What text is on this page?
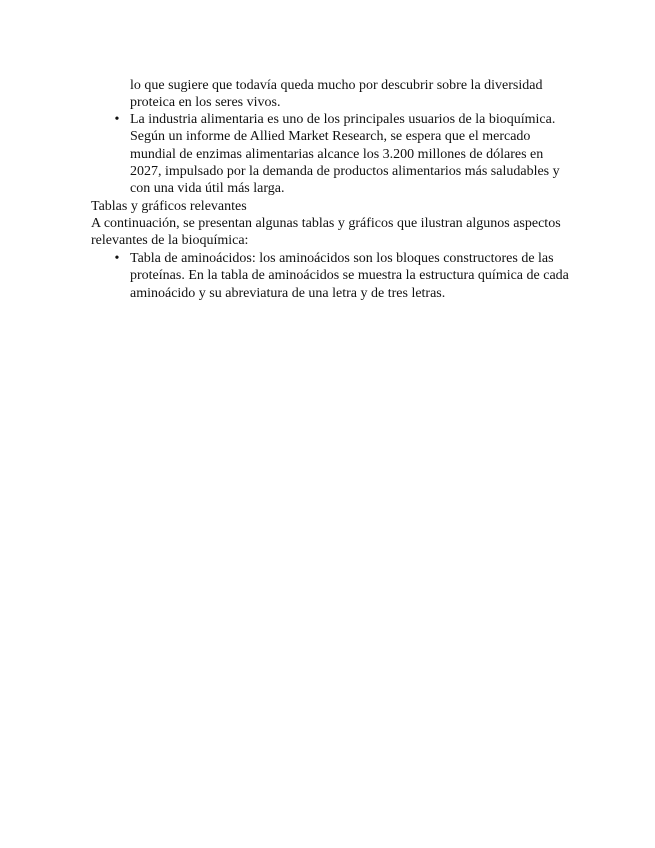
lo que sugiere que todavía queda mucho por descubrir sobre la diversidad proteica en los seres vivos.
• La industria alimentaria es uno de los principales usuarios de la bioquímica. Según un informe de Allied Market Research, se espera que el mercado mundial de enzimas alimentarias alcance los 3.200 millones de dólares en 2027, impulsado por la demanda de productos alimentarios más saludables y con una vida útil más larga.
Tablas y gráficos relevantes
A continuación, se presentan algunas tablas y gráficos que ilustran algunos aspectos relevantes de la bioquímica:
• Tabla de aminoácidos: los aminoácidos son los bloques constructores de las proteínas. En la tabla de aminoácidos se muestra la estructura química de cada aminoácido y su abreviatura de una letra y de tres letras.
